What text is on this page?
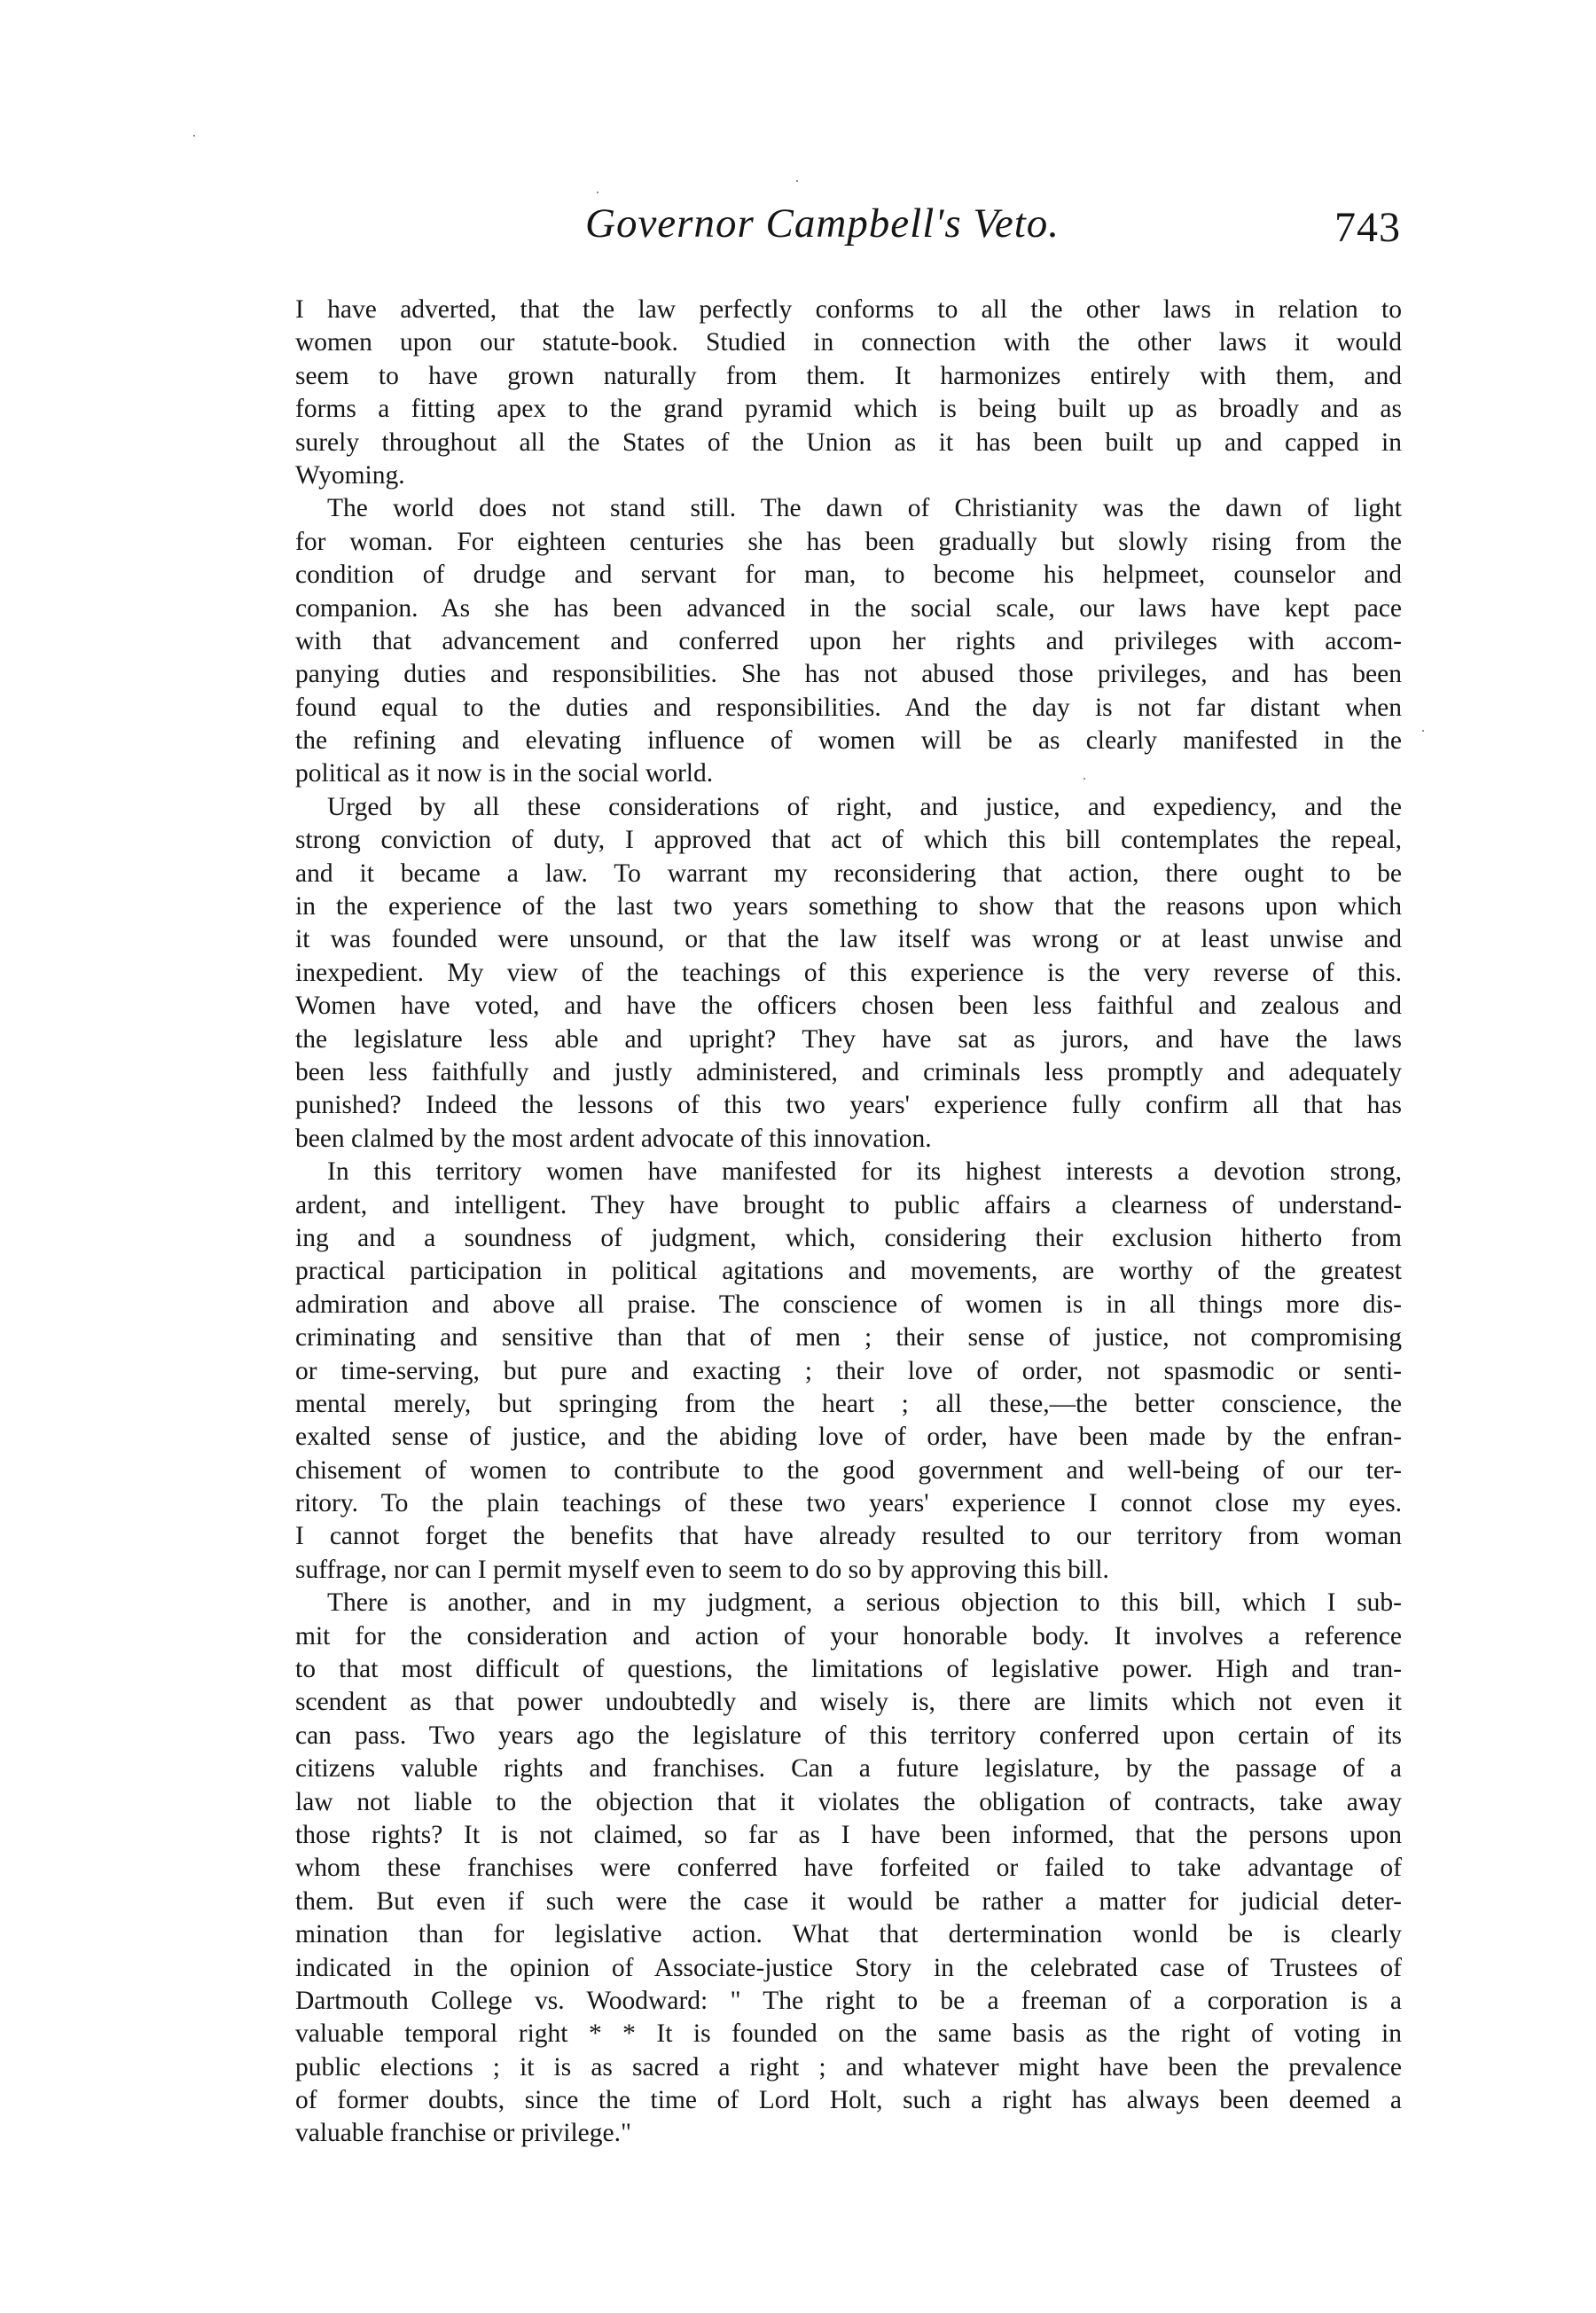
Governor Campbell's Veto.	743
I have adverted, that the law perfectly conforms to all the other laws in relation to
women upon our statute-book. Studied in connection with the other laws it would
seem to have grown naturally from them. It harmonizes entirely with them, and
forms a fitting apex to the grand pyramid which is being built up as broadly and as
surely throughout all the States of the Union as it has been built up and capped in
Wyoming.
The world does not stand still. The dawn of Christianity was the dawn of light
for woman. For eighteen centuries she has been gradually but slowly rising from the
condition of drudge and servant for man, to become his helpmeet, counselor and
companion. As she has been advanced in the social scale, our laws have kept pace
with that advancement and conferred upon her rights and privileges with accom-
panying duties and responsibilities. She has not abused those privileges, and has been
found equal to the duties and responsibilities. And the day is not far distant when
the refining and elevating influence of women will be as clearly manifested in the
political as it now is in the social world.
Urged by all these considerations of right, and justice, and expediency, and the
strong conviction of duty, I approved that act of which this bill contemplates the repeal,
and it became a law. To warrant my reconsidering that action, there ought to be
in the experience of the last two years something to show that the reasons upon which
it was founded were unsound, or that the law itself was wrong or at least unwise and
inexpedient. My view of the teachings of this experience is the very reverse of this.
Women have voted, and have the officers chosen been less faithful and zealous and
the legislature less able and upright? They have sat as jurors, and have the laws
been less faithfully and justly administered, and criminals less promptly and adequately
punished? Indeed the lessons of this two years' experience fully confirm all that has
been clalmed by the most ardent advocate of this innovation.
In this territory women have manifested for its highest interests a devotion strong,
ardent, and intelligent. They have brought to public affairs a clearness of understand-
ing and a soundness of judgment, which, considering their exclusion hitherto from
practical participation in political agitations and movements, are worthy of the greatest
admiration and above all praise. The conscience of women is in all things more dis-
criminating and sensitive than that of men ; their sense of justice, not compromising
or time-serving, but pure and exacting ; their love of order, not spasmodic or senti-
mental merely, but springing from the heart ; all these,—the better conscience, the
exalted sense of justice, and the abiding love of order, have been made by the enfran-
chisement of women to contribute to the good government and well-being of our ter-
ritory. To the plain teachings of these two years' experience I connot close my eyes.
I cannot forget the benefits that have already resulted to our territory from woman
suffrage, nor can I permit myself even to seem to do so by approving this bill.
There is another, and in my judgment, a serious objection to this bill, which I sub-
mit for the consideration and action of your honorable body. It involves a reference
to that most difficult of questions, the limitations of legislative power. High and tran-
scendent as that power undoubtedly and wisely is, there are limits which not even it
can pass. Two years ago the legislature of this territory conferred upon certain of its
citizens valuble rights and franchises. Can a future legislature, by the passage of a
law not liable to the objection that it violates the obligation of contracts, take away
those rights? It is not claimed, so far as I have been informed, that the persons upon
whom these franchises were conferred have forfeited or failed to take advantage of
them. But even if such were the case it would be rather a matter for judicial deter-
mination than for legislative action. What that dertermination wonld be is clearly
indicated in the opinion of Associate-justice Story in the celebrated case of Trustees of
Dartmouth College vs. Woodward: " The right to be a freeman of a corporation is a
valuable temporal right * * It is founded on the same basis as the right of voting in
public elections ; it is as sacred a right ; and whatever might have been the prevalence
of former doubts, since the time of Lord Holt, such a right has always been deemed a
valuable franchise or privilege."
